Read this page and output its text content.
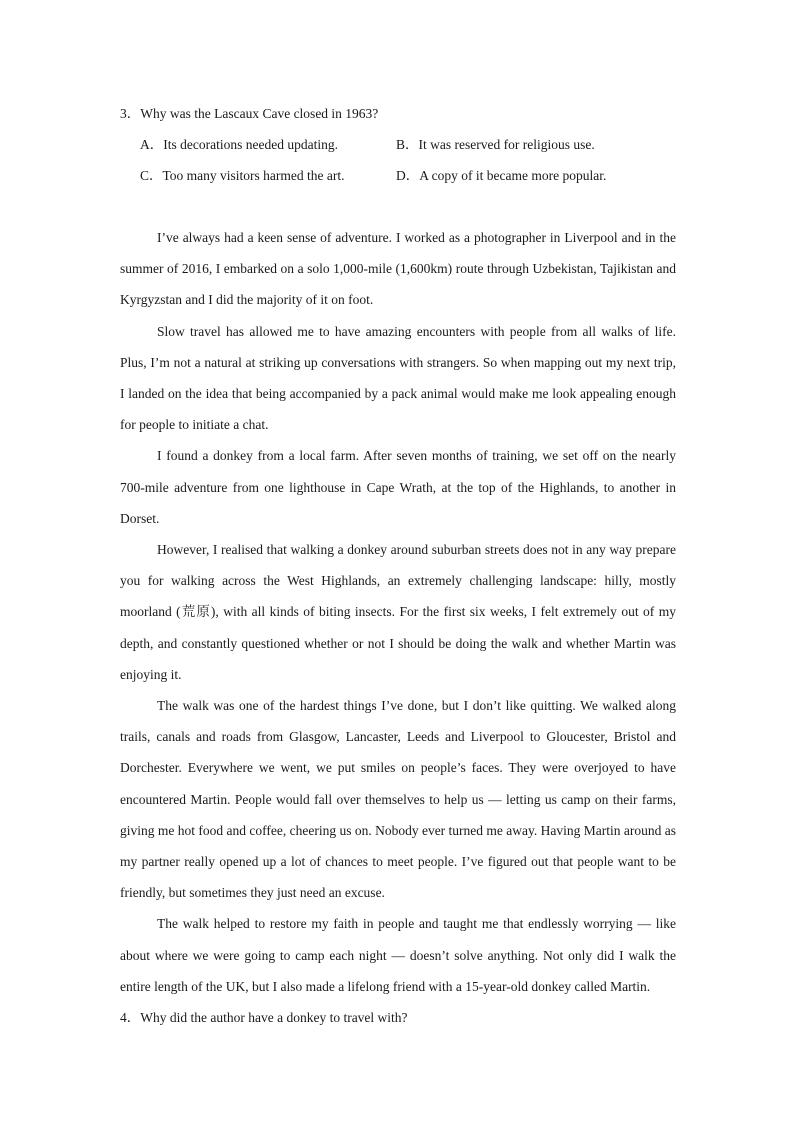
3．Why was the Lascaux Cave closed in 1963?
A．Its decorations needed updating.	B．It was reserved for religious use.
C．Too many visitors harmed the art.	D．A copy of it became more popular.

I’ve always had a keen sense of adventure. I worked as a photographer in Liverpool and in the summer of 2016, I embarked on a solo 1,000-mile (1,600km) route through Uzbekistan, Tajikistan and Kyrgyzstan and I did the majority of it on foot.

Slow travel has allowed me to have amazing encounters with people from all walks of life. Plus, I’m not a natural at striking up conversations with strangers. So when mapping out my next trip, I landed on the idea that being accompanied by a pack animal would make me look appealing enough for people to initiate a chat.

I found a donkey from a local farm. After seven months of training, we set off on the nearly 700-mile adventure from one lighthouse in Cape Wrath, at the top of the Highlands, to another in Dorset.

However, I realised that walking a donkey around suburban streets does not in any way prepare you for walking across the West Highlands, an extremely challenging landscape: hilly, mostly moorland (荒原), with all kinds of biting insects. For the first six weeks, I felt extremely out of my depth, and constantly questioned whether or not I should be doing the walk and whether Martin was enjoying it.

The walk was one of the hardest things I’ve done, but I don’t like quitting. We walked along trails, canals and roads from Glasgow, Lancaster, Leeds and Liverpool to Gloucester, Bristol and Dorchester. Everywhere we went, we put smiles on people’s faces. They were overjoyed to have encountered Martin. People would fall over themselves to help us — letting us camp on their farms, giving me hot food and coffee, cheering us on. Nobody ever turned me away. Having Martin around as my partner really opened up a lot of chances to meet people. I’ve figured out that people want to be friendly, but sometimes they just need an excuse.

The walk helped to restore my faith in people and taught me that endlessly worrying — like about where we were going to camp each night — doesn’t solve anything. Not only did I walk the entire length of the UK, but I also made a lifelong friend with a 15-year-old donkey called Martin.

4．Why did the author have a donkey to travel with?
